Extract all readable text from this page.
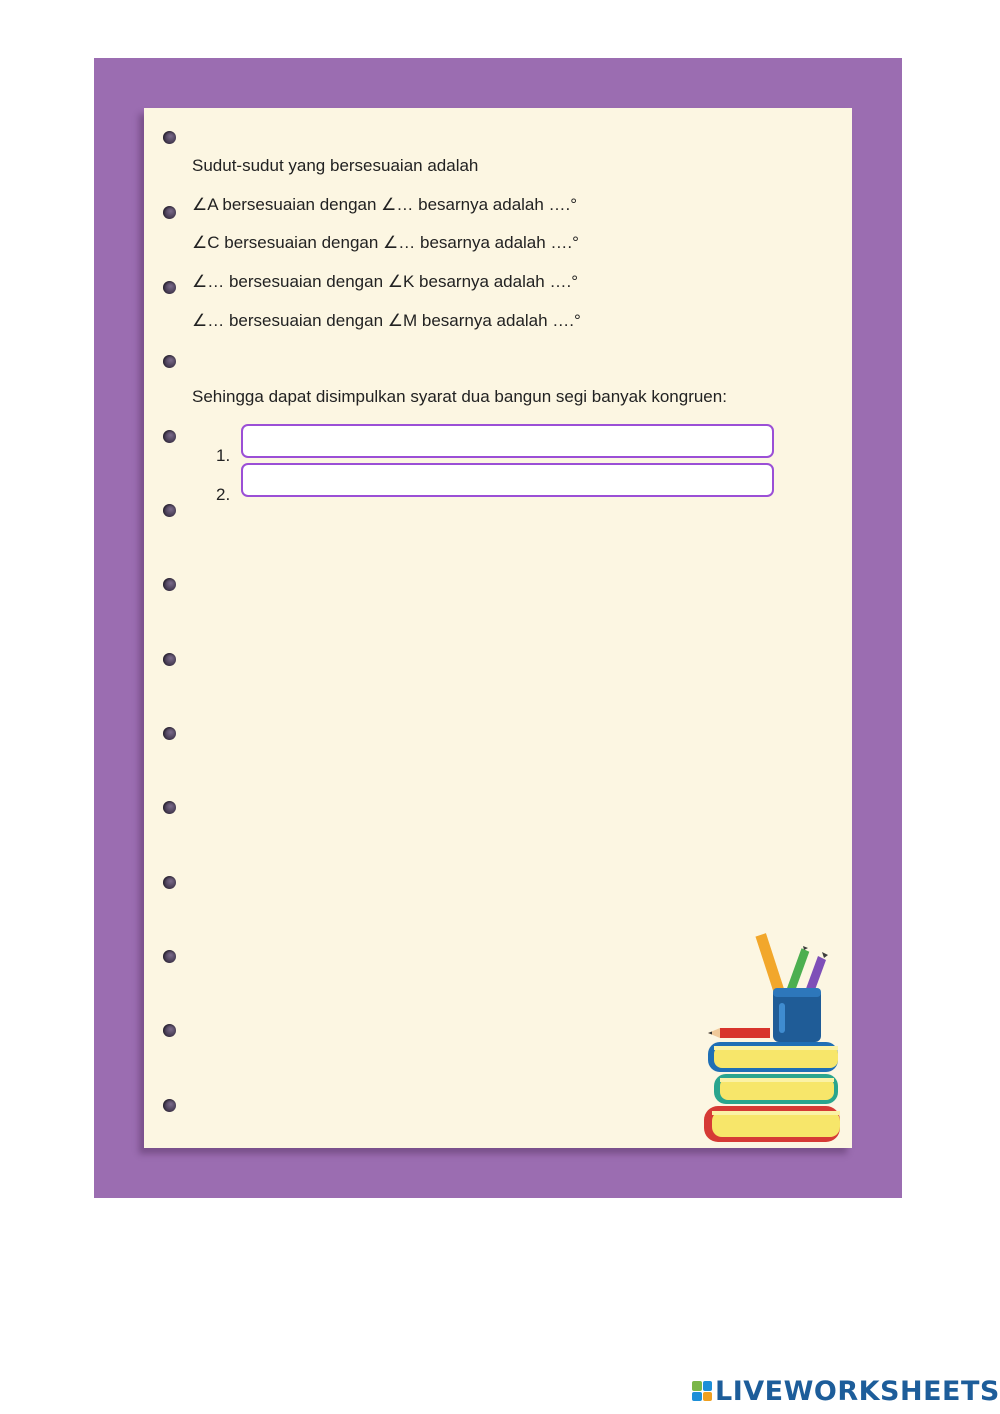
Sudut-sudut yang bersesuaian adalah
∠A bersesuaian dengan ∠… besarnya adalah ….°
∠C bersesuaian dengan ∠… besarnya adalah ….°
∠… bersesuaian dengan ∠K besarnya adalah ….°
∠… bersesuaian dengan ∠M besarnya adalah ….°
Sehingga dapat disimpulkan syarat dua bangun segi banyak kongruen:
1.
2.
LIVEWORKSHEETS
